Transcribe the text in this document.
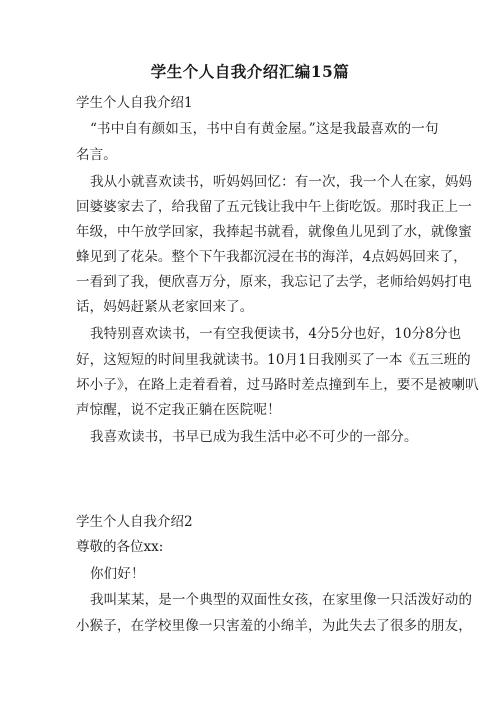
学生个人自我介绍汇编15篇
学生个人自我介绍1
“书中自有颜如玉，书中自有黄金屋。”这是我最喜欢的一句
名言。
我从小就喜欢读书，听妈妈回忆：有一次，我一个人在家，妈妈
回婆婆家去了，给我留了五元钱让我中午上街吃饭。那时我正上一
年级，中午放学回家，我捧起书就看，就像鱼儿见到了水，就像蜜
蜂见到了花朵。整个下午我都沉浸在书的海洋，4点妈妈回来了，
一看到了我，便欣喜万分，原来，我忘记了去学，老师给妈妈打电
话，妈妈赶紧从老家回来了。
我特别喜欢读书，一有空我便读书，4分5分也好，10分8分也
好，这短短的时间里我就读书。10月1日我刚买了一本《五三班的
坏小子》，在路上走着看着，过马路时差点撞到车上，要不是被喇叭
声惊醒，说不定我正躺在医院呢！
我喜欢读书，书早已成为我生活中必不可少的一部分。
学生个人自我介绍2
尊敬的各位xx:
你们好！
我叫某某，是一个典型的双面性女孩，在家里像一只活泼好动的
小猴子，在学校里像一只害羞的小绵羊，为此失去了很多的朋友，
